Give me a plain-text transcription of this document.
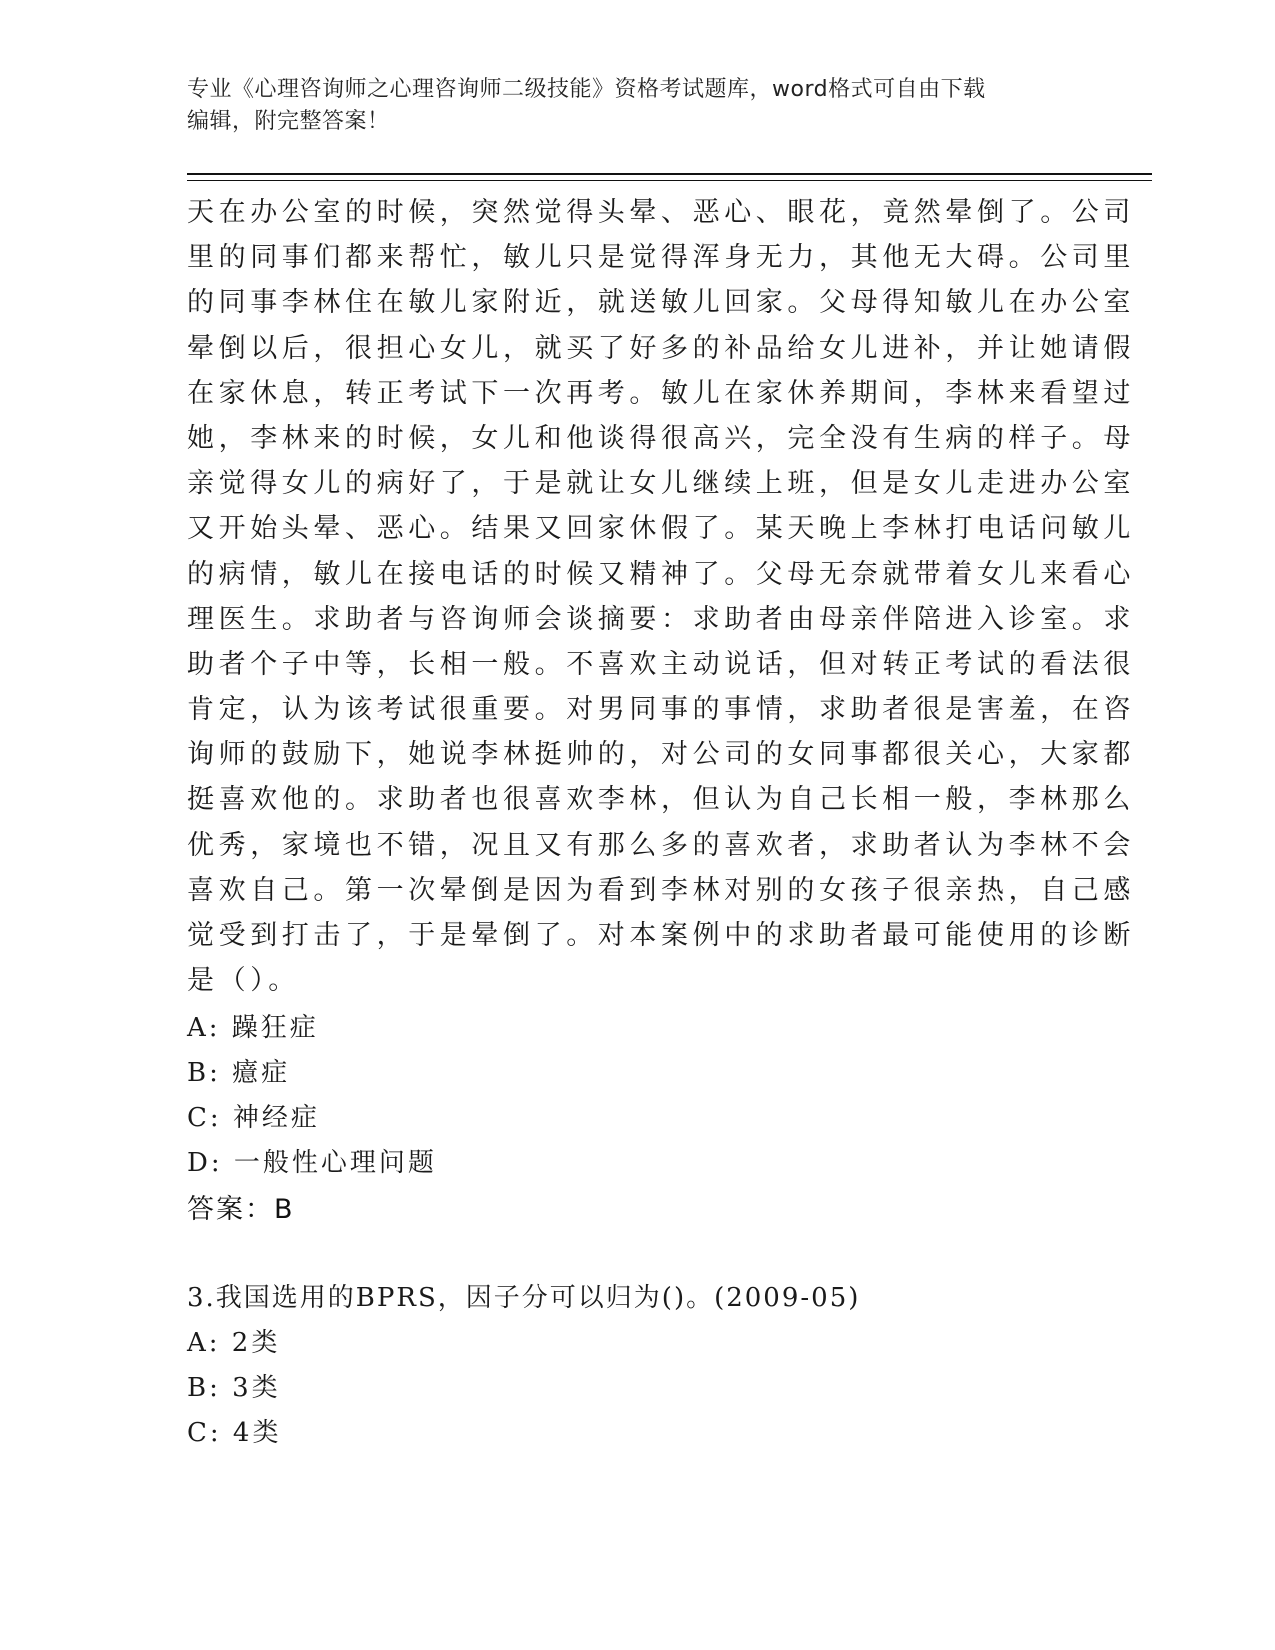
专业《心理咨询师之心理咨询师二级技能》资格考试题库，word格式可自由下载
编辑，附完整答案！
天在办公室的时候，突然觉得头晕、恶心、眼花，竟然晕倒了。公司
里的同事们都来帮忙，敏儿只是觉得浑身无力，其他无大碍。公司里
的同事李林住在敏儿家附近，就送敏儿回家。父母得知敏儿在办公室
晕倒以后，很担心女儿，就买了好多的补品给女儿进补，并让她请假
在家休息，转正考试下一次再考。敏儿在家休养期间，李林来看望过
她，李林来的时候，女儿和他谈得很高兴，完全没有生病的样子。母
亲觉得女儿的病好了，于是就让女儿继续上班，但是女儿走进办公室
又开始头晕、恶心。结果又回家休假了。某天晚上李林打电话问敏儿
的病情，敏儿在接电话的时候又精神了。父母无奈就带着女儿来看心
理医生。求助者与咨询师会谈摘要：求助者由母亲伴陪进入诊室。求
助者个子中等，长相一般。不喜欢主动说话，但对转正考试的看法很
肯定，认为该考试很重要。对男同事的事情，求助者很是害羞，在咨
询师的鼓励下，她说李林挺帅的，对公司的女同事都很关心，大家都
挺喜欢他的。求助者也很喜欢李林，但认为自己长相一般，李林那么
优秀，家境也不错，况且又有那么多的喜欢者，求助者认为李林不会
喜欢自己。第一次晕倒是因为看到李林对别的女孩子很亲热，自己感
觉受到打击了，于是晕倒了。对本案例中的求助者最可能使用的诊断
是（）。
A: 躁狂症
B: 癔症
C: 神经症
D: 一般性心理问题
答案：B
3.我国选用的BPRS，因子分可以归为()。(2009-05)
A: 2类
B: 3类
C: 4类
